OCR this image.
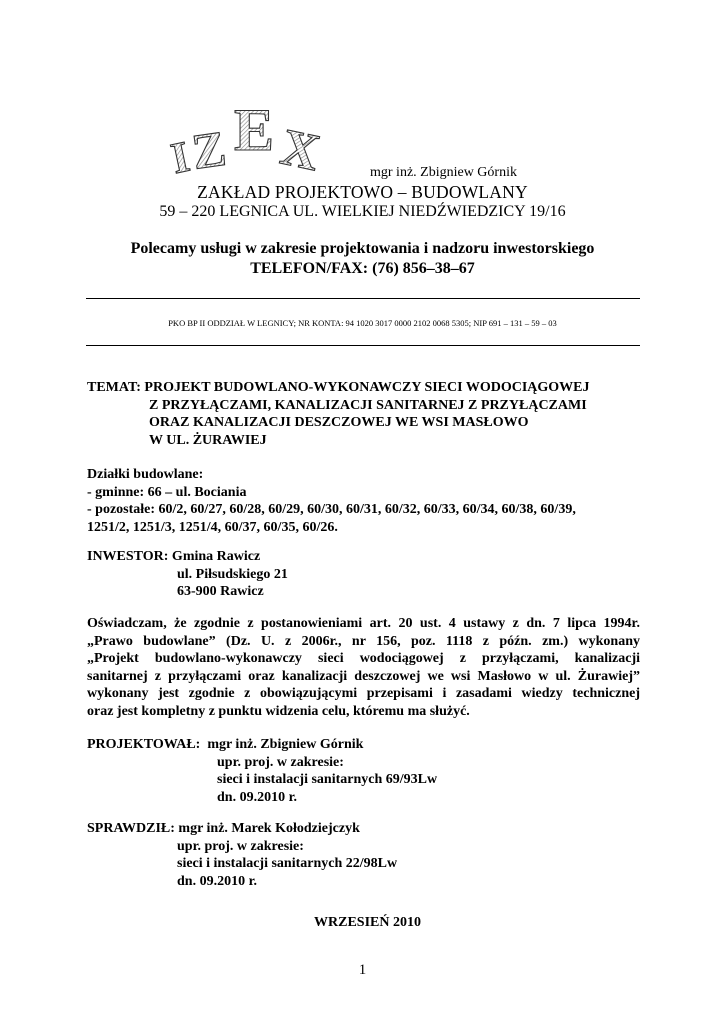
I
Z E X	mgr inż. Zbigniew Górnik
ZAKŁAD PROJEKTOWO – BUDOWLANY
59 – 220 LEGNICA UL. WIELKIEJ NIEDŹWIEDZICY 19/16
Polecamy usługi w zakresie projektowania i nadzoru inwestorskiego
TELEFON/FAX: (76) 856–38–67
PKO BP II ODDZIAŁ W LEGNICY; NR KONTA: 94 1020 3017 0000 2102 0068 5305; NIP 691 – 131 – 59 – 03
TEMAT: PROJEKT BUDOWLANO-WYKONAWCZY SIECI WODOCIĄGOWEJ
Z PRZYŁĄCZAMI, KANALIZACJI SANITARNEJ Z PRZYŁĄCZAMI
ORAZ KANALIZACJI DESZCZOWEJ WE WSI MASŁOWO
W UL. ŻURAWIEJ
Działki budowlane:
- gminne: 66 – ul. Bociania
- pozostałe: 60/2, 60/27, 60/28, 60/29, 60/30, 60/31, 60/32, 60/33, 60/34, 60/38, 60/39,
1251/2, 1251/3, 1251/4, 60/37, 60/35, 60/26.
INWESTOR: Gmina Rawicz
ul. Piłsudskiego 21
63-900 Rawicz
Oświadczam, że zgodnie z postanowieniami art. 20 ust. 4 ustawy z dn. 7 lipca 1994r.
„Prawo budowlane” (Dz. U. z 2006r., nr 156, poz. 1118 z późn. zm.) wykonany
„Projekt budowlano-wykonawczy sieci wodociągowej z przyłączami, kanalizacji
sanitarnej z przyłączami oraz kanalizacji deszczowej we wsi Masłowo w ul. Żurawiej”
wykonany jest zgodnie z obowiązującymi przepisami i zasadami wiedzy technicznej
oraz jest kompletny z punktu widzenia celu, któremu ma służyć.
PROJEKTOWAŁ:  mgr inż. Zbigniew Górnik
upr. proj. w zakresie:
sieci i instalacji sanitarnych 69/93Lw
dn. 09.2010 r.
SPRAWDZIŁ: mgr inż. Marek Kołodziejczyk
upr. proj. w zakresie:
sieci i instalacji sanitarnych 22/98Lw
dn. 09.2010 r.
WRZESIEŃ 2010
1
